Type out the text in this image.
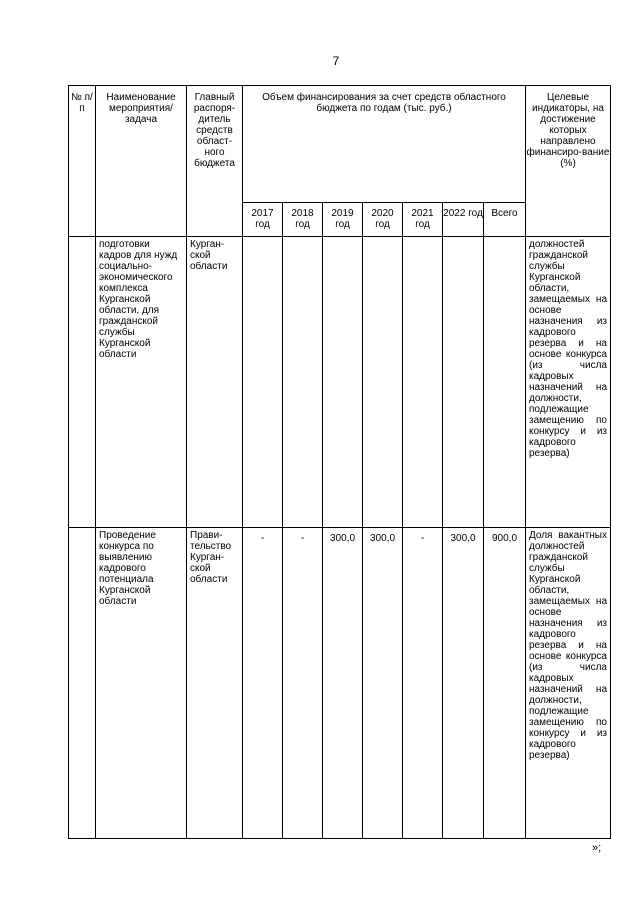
7
№ п/п	Наименование мероприятия/ задача	Главный распоря-дитель средств област-ного бюджета	Объем финансирования за счет средств областного бюджета по годам (тыс. руб.)							Целевые индикаторы, на достижение которых направлено финансиро-вание (%)
			2017 год	2018 год	2019 год	2020 год	2021 год	2022 год	Всего	
	подготовки кадров для нужд социально-экономического комплекса Курганской области, для гражданской службы Курганской области	Курган-ской области								должностей гражданской службы Курганской области, замещаемых на основе назначения из кадрового резерва и на основе конкурса (из числа кадровых назначений на должности, подлежащие замещению по конкурсу и из кадрового резерва)
	Проведение конкурса по выявлению кадрового потенциала Курганской области	Прави-тельство Курган-ской области	-	-	300,0	300,0	-	300,0	900,0	Доля вакантных должностей гражданской службы Курганской области, замещаемых на основе назначения из кадрового резерва и на основе конкурса (из числа кадровых назначений на должности, подлежащие замещению по конкурсу и из кадрового резерва)
»;
